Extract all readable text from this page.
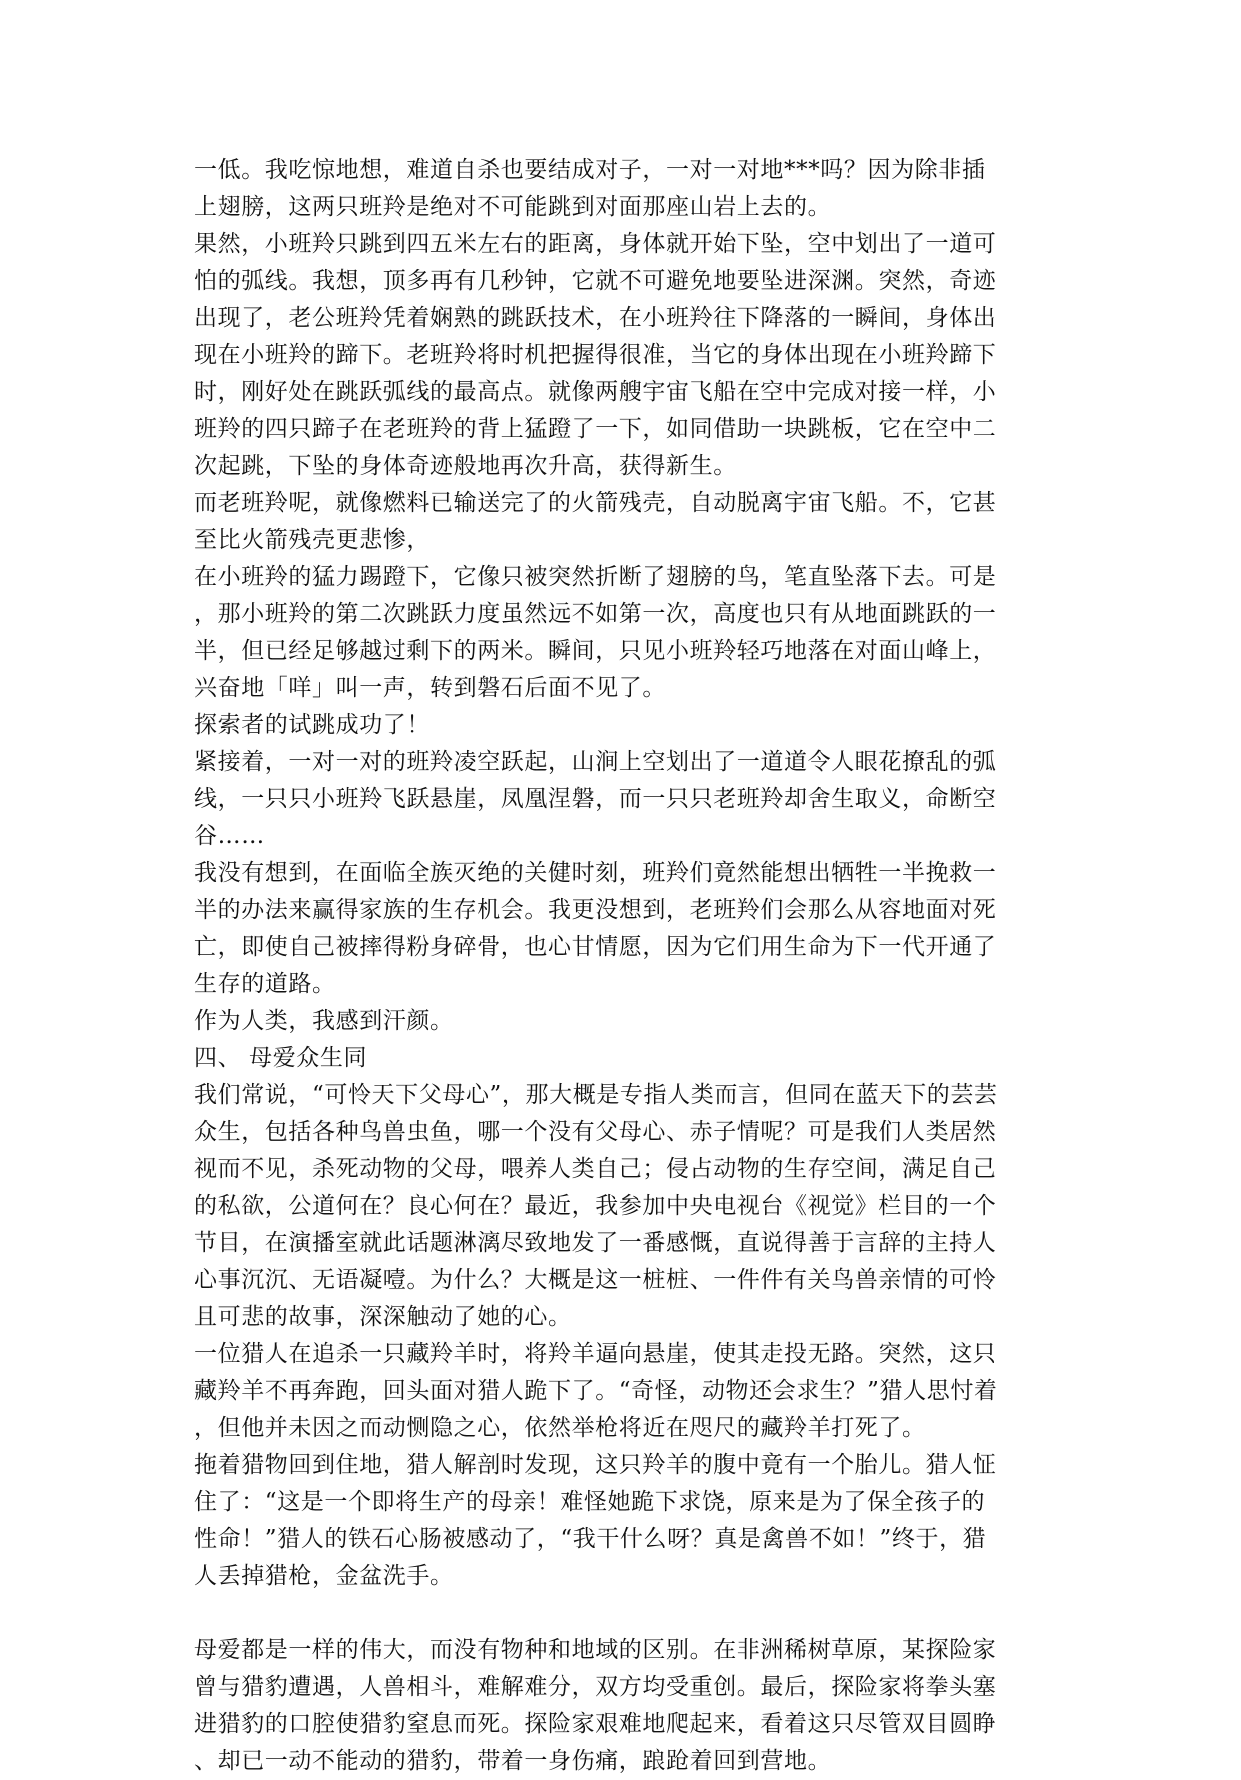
一低。我吃惊地想，难道自杀也要结成对子，一对一对地***吗？因为除非插
上翅膀，这两只班羚是绝对不可能跳到对面那座山岩上去的。
果然，小班羚只跳到四五米左右的距离，身体就开始下坠，空中划出了一道可
怕的弧线。我想，顶多再有几秒钟，它就不可避免地要坠进深渊。突然，奇迹
出现了，老公班羚凭着娴熟的跳跃技术，在小班羚往下降落的一瞬间，身体出
现在小班羚的蹄下。老班羚将时机把握得很准，当它的身体出现在小班羚蹄下
时，刚好处在跳跃弧线的最高点。就像两艘宇宙飞船在空中完成对接一样，小
班羚的四只蹄子在老班羚的背上猛蹬了一下，如同借助一块跳板，它在空中二
次起跳，下坠的身体奇迹般地再次升高，获得新生。
而老班羚呢，就像燃料已输送完了的火箭残壳，自动脱离宇宙飞船。不，它甚
至比火箭残壳更悲惨，
在小班羚的猛力踢蹬下，它像只被突然折断了翅膀的鸟，笔直坠落下去。可是
，那小班羚的第二次跳跃力度虽然远不如第一次，高度也只有从地面跳跃的一
半，但已经足够越过剩下的两米。瞬间，只见小班羚轻巧地落在对面山峰上，
兴奋地「咩」叫一声，转到磐石后面不见了。
探索者的试跳成功了！
紧接着，一对一对的班羚凌空跃起，山涧上空划出了一道道令人眼花撩乱的弧
线，一只只小班羚飞跃悬崖，凤凰涅磐，而一只只老班羚却舍生取义，命断空
谷……
我没有想到，在面临全族灭绝的关健时刻，班羚们竟然能想出牺牲一半挽救一
半的办法来赢得家族的生存机会。我更没想到，老班羚们会那么从容地面对死
亡，即使自己被摔得粉身碎骨，也心甘情愿，因为它们用生命为下一代开通了
生存的道路。
作为人类，我感到汗颜。
四、 母爱众生同
我们常说，“可怜天下父母心”，那大概是专指人类而言，但同在蓝天下的芸芸
众生，包括各种鸟兽虫鱼，哪一个没有父母心、赤子情呢？可是我们人类居然
视而不见，杀死动物的父母，喂养人类自己；侵占动物的生存空间，满足自己
的私欲，公道何在？良心何在？最近，我参加中央电视台《视觉》栏目的一个
节目，在演播室就此话题淋漓尽致地发了一番感慨，直说得善于言辞的主持人
心事沉沉、无语凝噎。为什么？大概是这一桩桩、一件件有关鸟兽亲情的可怜
且可悲的故事，深深触动了她的心。
一位猎人在追杀一只藏羚羊时，将羚羊逼向悬崖，使其走投无路。突然，这只
藏羚羊不再奔跑，回头面对猎人跪下了。“奇怪，动物还会求生？”猎人思忖着
，但他并未因之而动恻隐之心，依然举枪将近在咫尺的藏羚羊打死了。
拖着猎物回到住地，猎人解剖时发现，这只羚羊的腹中竟有一个胎儿。猎人怔
住了：“这是一个即将生产的母亲！难怪她跪下求饶，原来是为了保全孩子的
性命！”猎人的铁石心肠被感动了，“我干什么呀？真是禽兽不如！”终于，猎
人丢掉猎枪，金盆洗手。
母爱都是一样的伟大，而没有物种和地域的区别。在非洲稀树草原，某探险家
曾与猎豹遭遇，人兽相斗，难解难分，双方均受重创。最后，探险家将拳头塞
进猎豹的口腔使猎豹窒息而死。探险家艰难地爬起来，看着这只尽管双目圆睁
、却已一动不能动的猎豹，带着一身伤痛，踉跄着回到营地。
